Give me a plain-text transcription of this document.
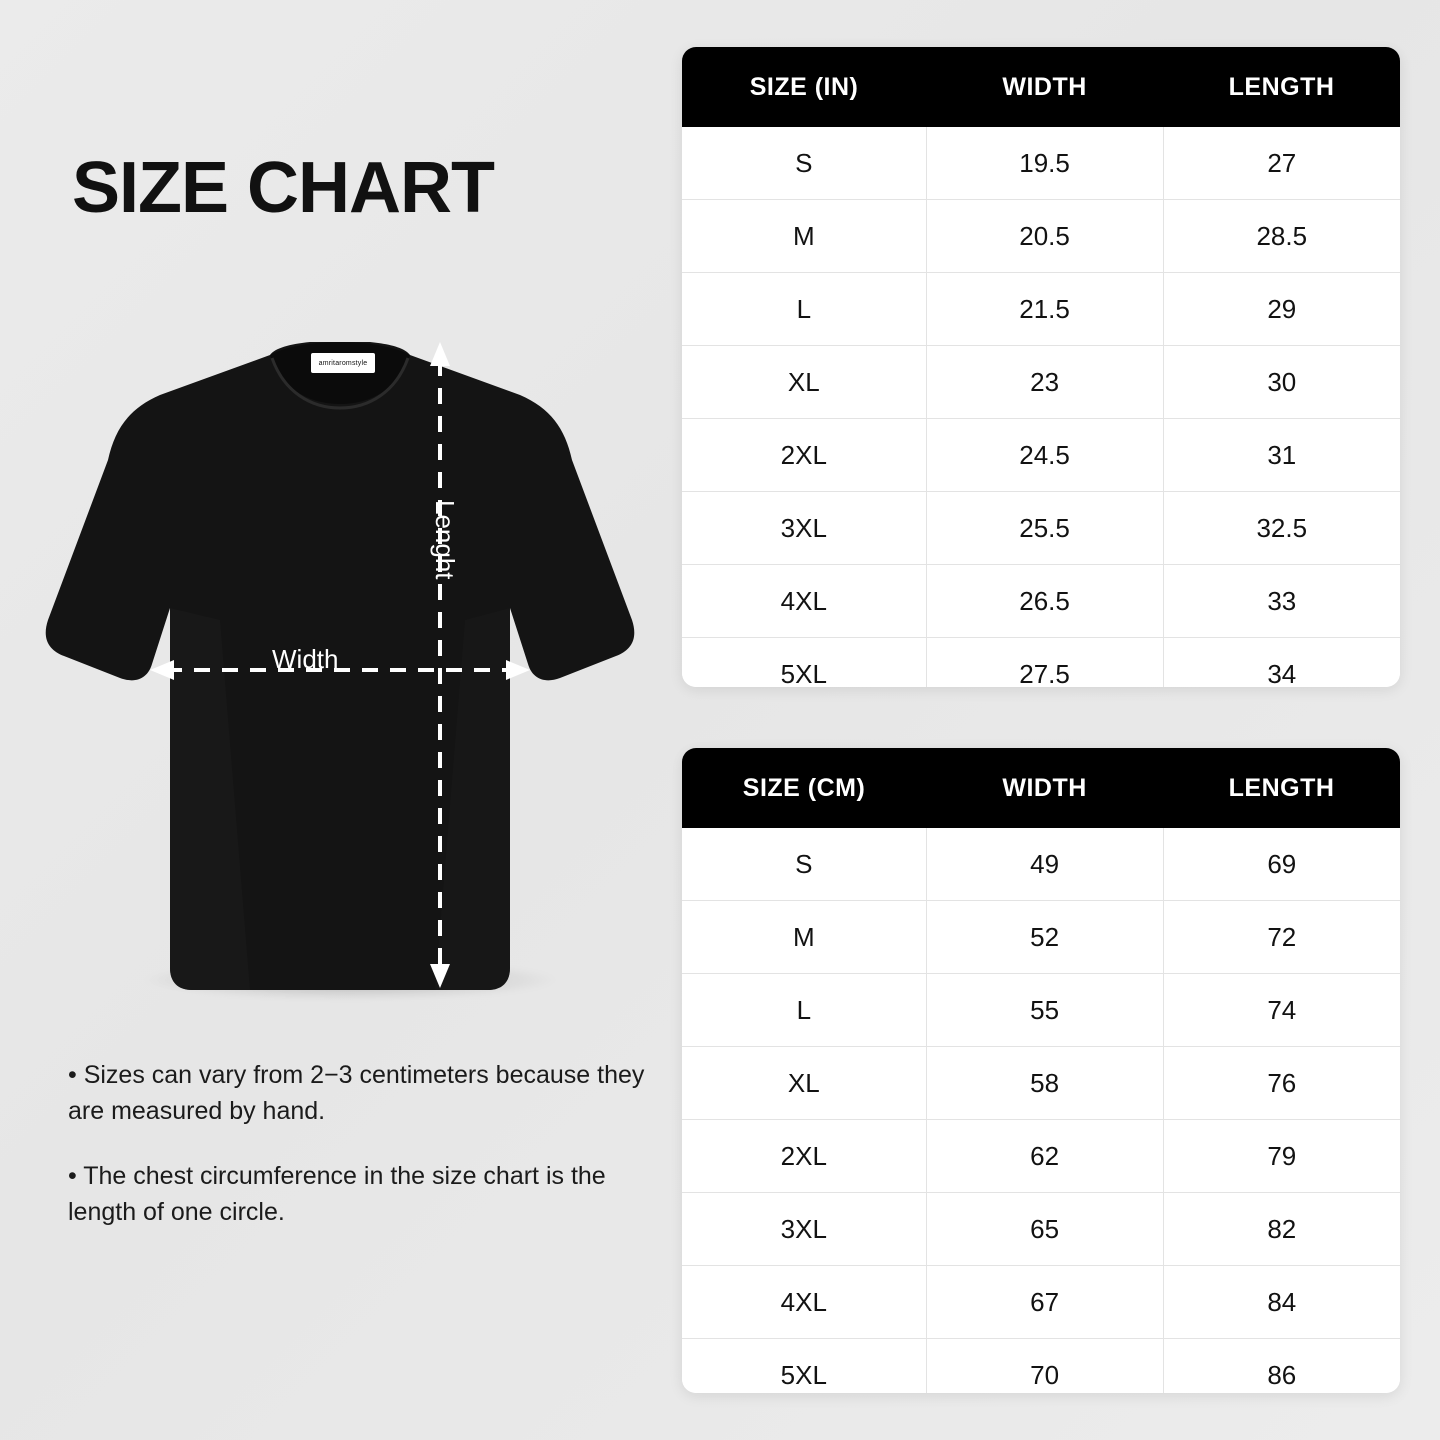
SIZE CHART
amritaromstyle
Width
Lenght
• Sizes can vary from 2−3 centimeters because they are measured by hand.
• The chest circumference in the size chart is the length of one circle.
SIZE (IN)	WIDTH	LENGTH
S	19.5	27
M	20.5	28.5
L	21.5	29
XL	23	30
2XL	24.5	31
3XL	25.5	32.5
4XL	26.5	33
5XL	27.5	34
SIZE (CM)	WIDTH	LENGTH
S	49	69
M	52	72
L	55	74
XL	58	76
2XL	62	79
3XL	65	82
4XL	67	84
5XL	70	86
